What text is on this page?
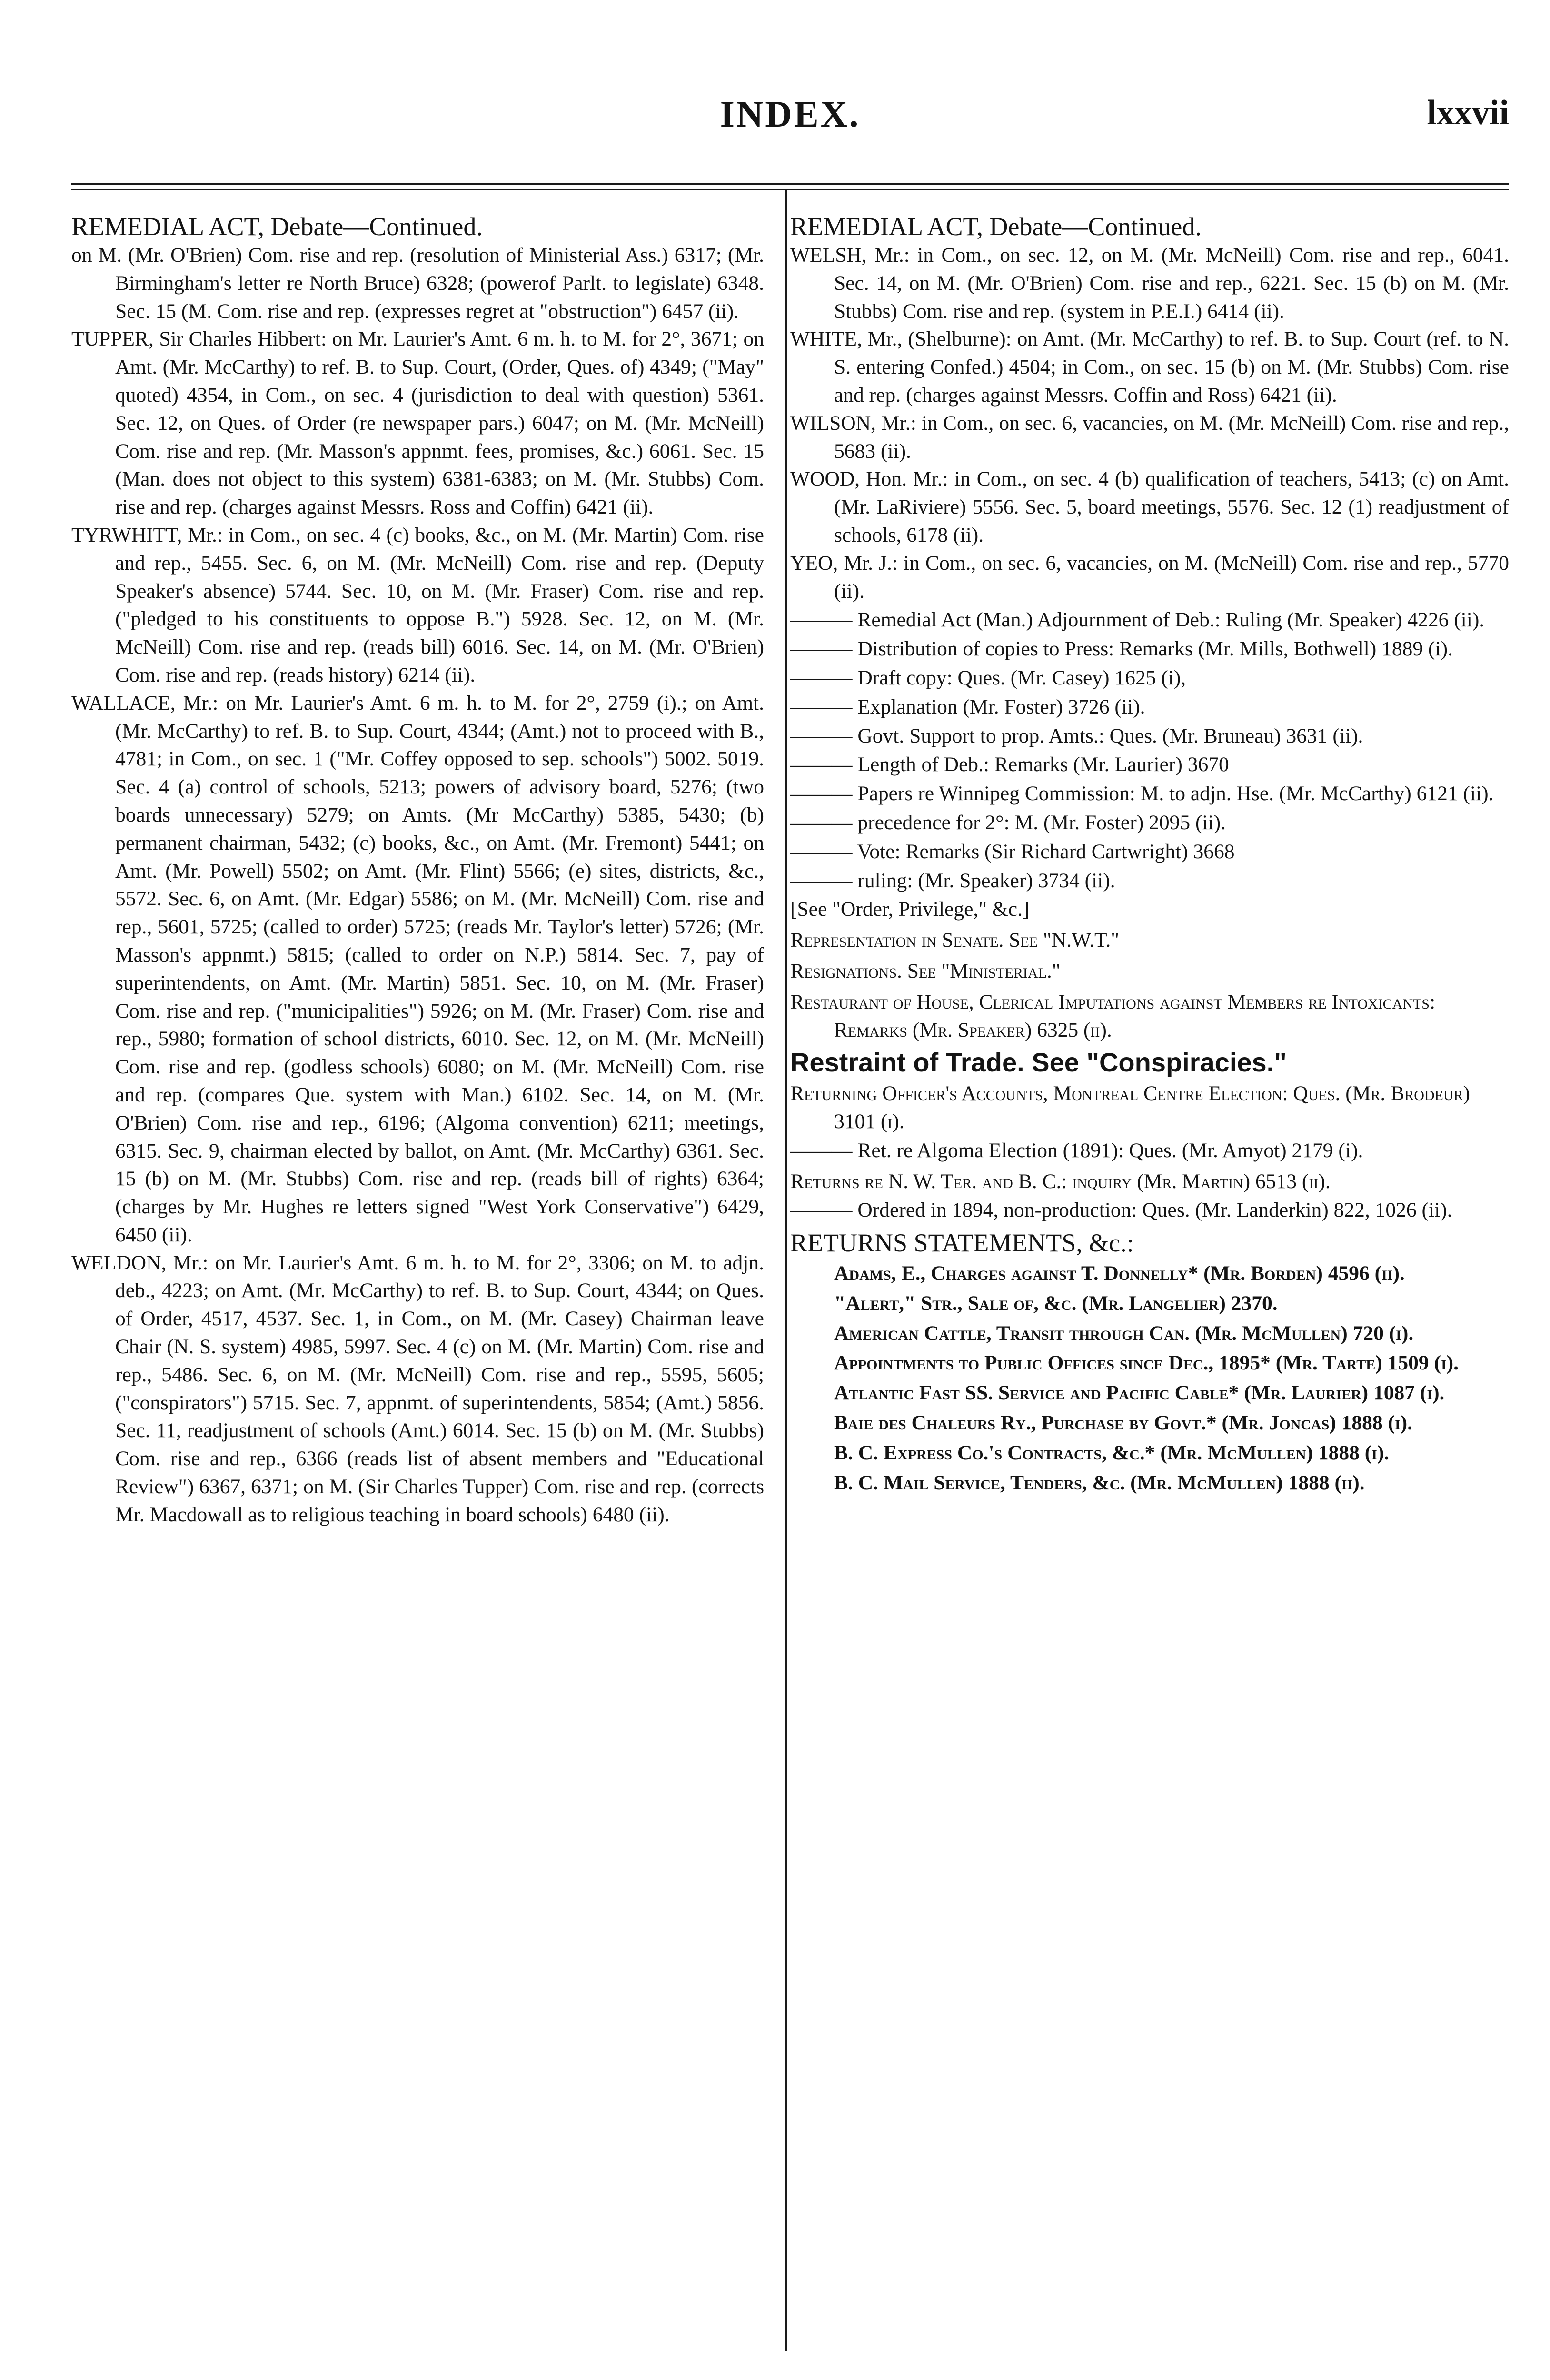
INDEX.	lxxvii
REMEDIAL ACT, Debate—Continued.
on M. (Mr. O'Brien) Com. rise and rep. (resolution of Ministerial Ass.) 6317; (Mr. Birmingham's letter re North Bruce) 6328; (powerof Parlt. to legislate) 6348. Sec. 15 (M. Com. rise and rep. (expresses regret at "obstruction") 6457 (ii).
TUPPER, Sir Charles Hibbert: on Mr. Laurier's Amt. 6 m. h. to M. for 2°, 3671; on Amt. (Mr. McCarthy) to ref. B. to Sup. Court, (Order, Ques. of) 4349; ("May" quoted) 4354, in Com., on sec. 4 (jurisdiction to deal with question) 5361. Sec. 12, on Ques. of Order (re newspaper pars.) 6047; on M. (Mr. McNeill) Com. rise and rep. (Mr. Masson's appnmt. fees, promises, &c.) 6061. Sec. 15 (Man. does not object to this system) 6381-6383; on M. (Mr. Stubbs) Com. rise and rep. (charges against Messrs. Ross and Coffin) 6421 (ii).
TYRWHITT, Mr.: in Com., on sec. 4 (c) books, &c., on M. (Mr. Martin) Com. rise and rep., 5455. Sec. 6, on M. (Mr. McNeill) Com. rise and rep. (Deputy Speaker's absence) 5744. Sec. 10, on M. (Mr. Fraser) Com. rise and rep. ("pledged to his constituents to oppose B.") 5928. Sec. 12, on M. (Mr. McNeill) Com. rise and rep. (reads bill) 6016. Sec. 14, on M. (Mr. O'Brien) Com. rise and rep. (reads history) 6214 (ii).
WALLACE, Mr.: on Mr. Laurier's Amt. 6 m. h. to M. for 2°, 2759 (i).; on Amt. (Mr. McCarthy) to ref. B. to Sup. Court, 4344; (Amt.) not to proceed with B., 4781; in Com., on sec. 1 ("Mr. Coffey opposed to sep. schools") 5002. 5019. Sec. 4 (a) control of schools, 5213; powers of advisory board, 5276; (two boards unnecessary) 5279; on Amts. (Mr McCarthy) 5385, 5430; (b) permanent chairman, 5432; (c) books, &c., on Amt. (Mr. Fremont) 5441; on Amt. (Mr. Powell) 5502; on Amt. (Mr. Flint) 5566; (e) sites, districts, &c., 5572. Sec. 6, on Amt. (Mr. Edgar) 5586; on M. (Mr. McNeill) Com. rise and rep., 5601, 5725; (called to order) 5725; (reads Mr. Taylor's letter) 5726; (Mr. Masson's appnmt.) 5815; (called to order on N.P.) 5814. Sec. 7, pay of superintendents, on Amt. (Mr. Martin) 5851. Sec. 10, on M. (Mr. Fraser) Com. rise and rep. ("municipalities") 5926; on M. (Mr. Fraser) Com. rise and rep., 5980; formation of school districts, 6010. Sec. 12, on M. (Mr. McNeill) Com. rise and rep. (godless schools) 6080; on M. (Mr. McNeill) Com. rise and rep. (compares Que. system with Man.) 6102. Sec. 14, on M. (Mr. O'Brien) Com. rise and rep., 6196; (Algoma convention) 6211; meetings, 6315. Sec. 9, chairman elected by ballot, on Amt. (Mr. McCarthy) 6361. Sec. 15 (b) on M. (Mr. Stubbs) Com. rise and rep. (reads bill of rights) 6364; (charges by Mr. Hughes re letters signed "West York Conservative") 6429, 6450 (ii).
WELDON, Mr.: on Mr. Laurier's Amt. 6 m. h. to M. for 2°, 3306; on M. to adjn. deb., 4223; on Amt. (Mr. McCarthy) to ref. B. to Sup. Court, 4344; on Ques. of Order, 4517, 4537. Sec. 1, in Com., on M. (Mr. Casey) Chairman leave Chair (N. S. system) 4985, 5997. Sec. 4 (c) on M. (Mr. Martin) Com. rise and rep., 5486. Sec. 6, on M. (Mr. McNeill) Com. rise and rep., 5595, 5605; ("conspirators") 5715. Sec. 7, appnmt. of superintendents, 5854; (Amt.) 5856. Sec. 11, readjustment of schools (Amt.) 6014. Sec. 15 (b) on M. (Mr. Stubbs) Com. rise and rep., 6366 (reads list of absent members and "Educational Review") 6367, 6371; on M. (Sir Charles Tupper) Com. rise and rep. (corrects Mr. Macdowall as to religious teaching in board schools) 6480 (ii).
REMEDIAL ACT, Debate—Continued.
WELSH, Mr.: in Com., on sec. 12, on M. (Mr. McNeill) Com. rise and rep., 6041. Sec. 14, on M. (Mr. O'Brien) Com. rise and rep., 6221. Sec. 15 (b) on M. (Mr. Stubbs) Com. rise and rep. (system in P.E.I.) 6414 (ii).
WHITE, Mr., (Shelburne): on Amt. (Mr. McCarthy) to ref. B. to Sup. Court (ref. to N. S. entering Confed.) 4504; in Com., on sec. 15 (b) on M. (Mr. Stubbs) Com. rise and rep. (charges against Messrs. Coffin and Ross) 6421 (ii).
WILSON, Mr.: in Com., on sec. 6, vacancies, on M. (Mr. McNeill) Com. rise and rep., 5683 (ii).
WOOD, Hon. Mr.: in Com., on sec. 4 (b) qualification of teachers, 5413; (c) on Amt. (Mr. LaRiviere) 5556. Sec. 5, board meetings, 5576. Sec. 12 (1) readjustment of schools, 6178 (ii).
YEO, Mr. J.: in Com., on sec. 6, vacancies, on M. (McNeill) Com. rise and rep., 5770 (ii).
——— Remedial Act (Man.) Adjournment of Deb.: Ruling (Mr. Speaker) 4226 (ii).
——— Distribution of copies to Press: Remarks (Mr. Mills, Bothwell) 1889 (i).
——— Draft copy: Ques. (Mr. Casey) 1625 (i),
——— Explanation (Mr. Foster) 3726 (ii).
——— Govt. Support to prop. Amts.: Ques. (Mr. Bruneau) 3631 (ii).
——— Length of Deb.: Remarks (Mr. Laurier) 3670
——— Papers re Winnipeg Commission: M. to adjn. Hse. (Mr. McCarthy) 6121 (ii).
——— precedence for 2°: M. (Mr. Foster) 2095 (ii).
——— Vote: Remarks (Sir Richard Cartwright) 3668
——— ruling: (Mr. Speaker) 3734 (ii).
[See "Order, Privilege," &c.]
Representation in Senate. See "N.W.T."
Resignations. See "Ministerial."
Restaurant of House, Clerical Imputations against Members re Intoxicants: Remarks (Mr. Speaker) 6325 (ii).
Restraint of Trade. See "Conspiracies."
Returning Officer's Accounts, Montreal Centre Election: Ques. (Mr. Brodeur) 3101 (i).
——— Ret. re Algoma Election (1891): Ques. (Mr. Amyot) 2179 (i).
Returns re N. W. Ter. and B. C.: inquiry (Mr. Martin) 6513 (ii).
——— Ordered in 1894, non-production: Ques. (Mr. Landerkin) 822, 1026 (ii).
RETURNS STATEMENTS, &c.:
Adams, E., Charges against T. Donnelly* (Mr. Borden) 4596 (ii).
"Alert," Str., Sale of, &c. (Mr. Langelier) 2370.
American Cattle, Transit through Can. (Mr. McMullen) 720 (i).
Appointments to Public Offices since Dec., 1895* (Mr. Tarte) 1509 (i).
Atlantic Fast SS. Service and Pacific Cable* (Mr. Laurier) 1087 (i).
Baie des Chaleurs Ry., Purchase by Govt.* (Mr. Joncas) 1888 (i).
B. C. Express Co.'s Contracts, &c.* (Mr. McMullen) 1888 (i).
B. C. Mail Service, Tenders, &c. (Mr. McMullen) 1888 (ii).
